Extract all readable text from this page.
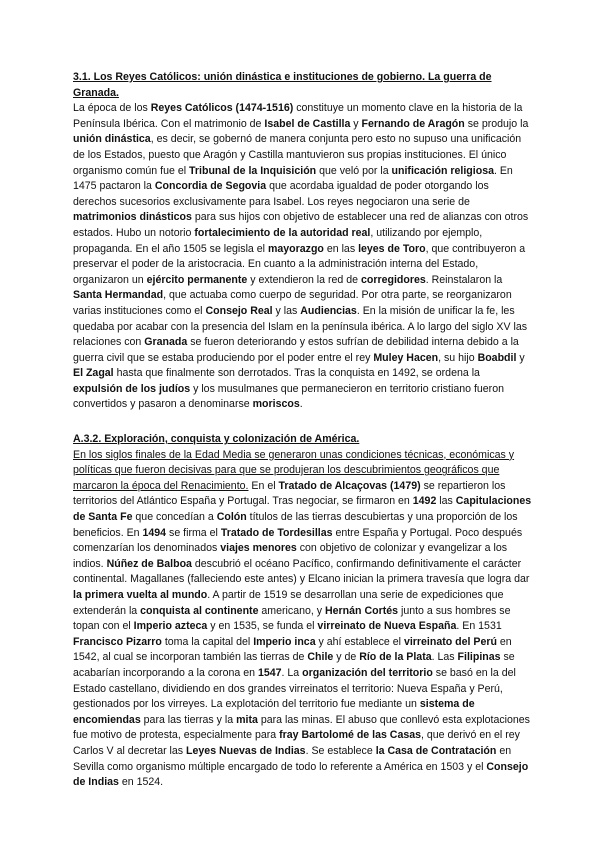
3.1. Los Reyes Católicos: unión dinástica e instituciones de gobierno. La guerra de Granada.

La época de los Reyes Católicos (1474-1516) constituye un momento clave en la historia de la Península Ibérica. Con el matrimonio de Isabel de Castilla y Fernando de Aragón se produjo la unión dinástica, es decir, se gobernó de manera conjunta pero esto no supuso una unificación de los Estados, puesto que Aragón y Castilla mantuvieron sus propias instituciones. El único organismo común fue el Tribunal de la Inquisición que veló por la unificación religiosa. En 1475 pactaron la Concordia de Segovia que acordaba igualdad de poder otorgando los derechos sucesorios exclusivamente para Isabel. Los reyes negociaron una serie de matrimonios dinásticos para sus hijos con objetivo de establecer una red de alianzas con otros estados. Hubo un notorio fortalecimiento de la autoridad real, utilizando por ejemplo, propaganda. En el año 1505 se legisla el mayorazgo en las leyes de Toro, que contribuyeron a preservar el poder de la aristocracia. En cuanto a la administración interna del Estado, organizaron un ejército permanente y extendieron la red de corregidores. Reinstalaron la Santa Hermandad, que actuaba como cuerpo de seguridad. Por otra parte, se reorganizaron varias instituciones como el Consejo Real y las Audiencias. En la misión de unificar la fe, les quedaba por acabar con la presencia del Islam en la península ibérica. A lo largo del siglo XV las relaciones con Granada se fueron deteriorando y estos sufrían de debilidad interna debido a la guerra civil que se estaba produciendo por el poder entre el rey Muley Hacen, su hijo Boabdil y El Zagal hasta que finalmente son derrotados. Tras la conquista en 1492, se ordena la expulsión de los judíos y los musulmanes que permanecieron en territorio cristiano fueron convertidos y pasaron a denominarse moriscos.

A.3.2. Exploración, conquista y colonización de América.

En los siglos finales de la Edad Media se generaron unas condiciones técnicas, económicas y políticas que fueron decisivas para que se produjeran los descubrimientos geográficos que marcaron la época del Renacimiento. En el Tratado de Alcaçovas (1479) se repartieron los territorios del Atlántico España y Portugal. Tras negociar, se firmaron en 1492 las Capitulaciones de Santa Fe que concedían a Colón títulos de las tierras descubiertas y una proporción de los beneficios. En 1494 se firma el Tratado de Tordesillas entre España y Portugal. Poco después comenzarían los denominados viajes menores con objetivo de colonizar y evangelizar a los indios. Núñez de Balboa descubrió el océano Pacífico, confirmando definitivamente el carácter continental. Magallanes (falleciendo este antes) y Elcano inician la primera travesía que logra dar la primera vuelta al mundo. A partir de 1519 se desarrollan una serie de expediciones que extenderán la conquista al continente americano, y Hernán Cortés junto a sus hombres se topan con el Imperio azteca y en 1535, se funda el virreinato de Nueva España. En 1531 Francisco Pizarro toma la capital del Imperio inca y ahí establece el virreinato del Perú en 1542, al cual se incorporan también las tierras de Chile y de Río de la Plata. Las Filipinas se acabarían incorporando a la corona en 1547. La organización del territorio se basó en la del Estado castellano, dividiendo en dos grandes virreinatos el territorio: Nueva España y Perú, gestionados por los virreyes. La explotación del territorio fue mediante un sistema de encomiendas para las tierras y la mita para las minas. El abuso que conllevó esta explotaciones fue motivo de protesta, especialmente para fray Bartolomé de las Casas, que derivó en el rey Carlos V al decretar las Leyes Nuevas de Indias. Se establece la Casa de Contratación en Sevilla como organismo múltiple encargado de todo lo referente a América en 1503 y el Consejo de Indias en 1524.
